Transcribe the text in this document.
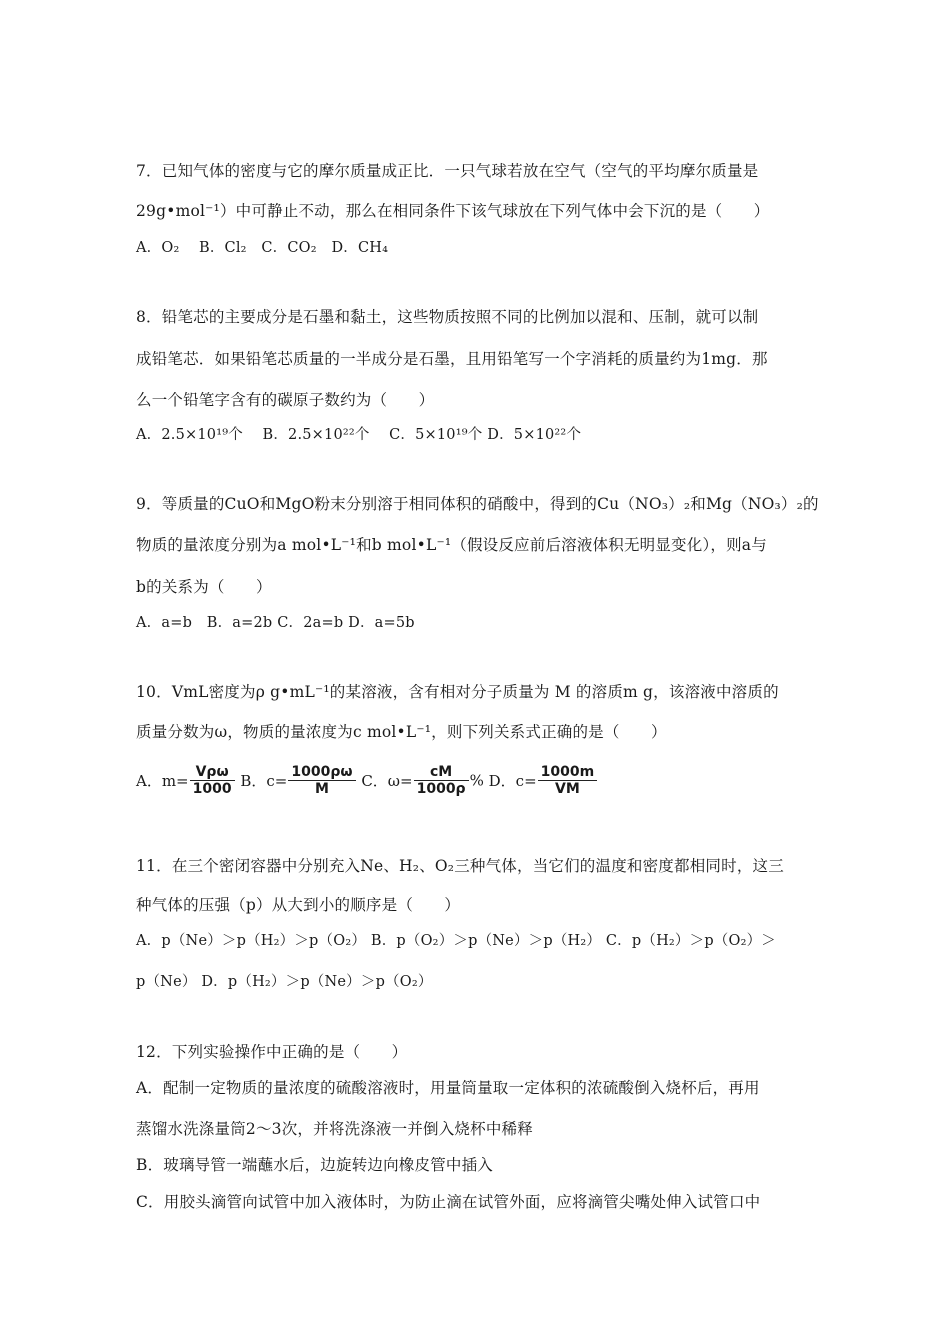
7．已知气体的密度与它的摩尔质量成正比．一只气球若放在空气（空气的平均摩尔质量是
29g•mol⁻¹）中可静止不动，那么在相同条件下该气球放在下列气体中会下沉的是（　　）
A．O₂　 B．Cl₂　C．CO₂　D．CH₄
8．铅笔芯的主要成分是石墨和黏土，这些物质按照不同的比例加以混和、压制，就可以制
成铅笔芯．如果铅笔芯质量的一半成分是石墨，且用铅笔写一个字消耗的质量约为1mg．那
么一个铅笔字含有的碳原子数约为（　　）
A．2.5×10¹⁹个　 B．2.5×10²²个　 C．5×10¹⁹个 D．5×10²²个
9．等质量的CuO和MgO粉末分别溶于相同体积的硝酸中，得到的Cu（NO₃）₂和Mg（NO₃）₂的
物质的量浓度分别为a mol•L⁻¹和b mol•L⁻¹（假设反应前后溶液体积无明显变化），则a与
b的关系为（　　）
A．a=b　B．a=2b C．2a=b D．a=5b
10．VmL密度为ρ g•mL⁻¹的某溶液，含有相对分子质量为 M 的溶质m g，该溶液中溶质的
质量分数为ω，物质的量浓度为c mol•L⁻¹，则下列关系式正确的是（　　）
A．$m= \frac{\text{Vρω}}{1000}$ B．$c= \frac{1000\rho\omega}{M}$ C．$\omega= \frac{cM}{1000\rho}$ % D．$c= \frac{1000m}{VM}$
11．在三个密闭容器中分别充入Ne、H₂、O₂三种气体，当它们的温度和密度都相同时，这三
种气体的压强（p）从大到小的顺序是（　　）
A．p（Ne）＞p（H₂）＞p（O₂） B．p（O₂）＞p（Ne）＞p（H₂） C．p（H₂）＞p（O₂）＞
p（Ne） D．p（H₂）＞p（Ne）＞p（O₂）
12．下列实验操作中正确的是（　　）
A．配制一定物质的量浓度的硫酸溶液时，用量筒量取一定体积的浓硫酸倒入烧杯后，再用
蒸馏水洗涤量筒2～3次，并将洗涤液一并倒入烧杯中稀释
B．玻璃导管一端蘸水后，边旋转边向橡皮管中插入
C．用胶头滴管向试管中加入液体时，为防止滴在试管外面，应将滴管尖嘴处伸入试管口中
